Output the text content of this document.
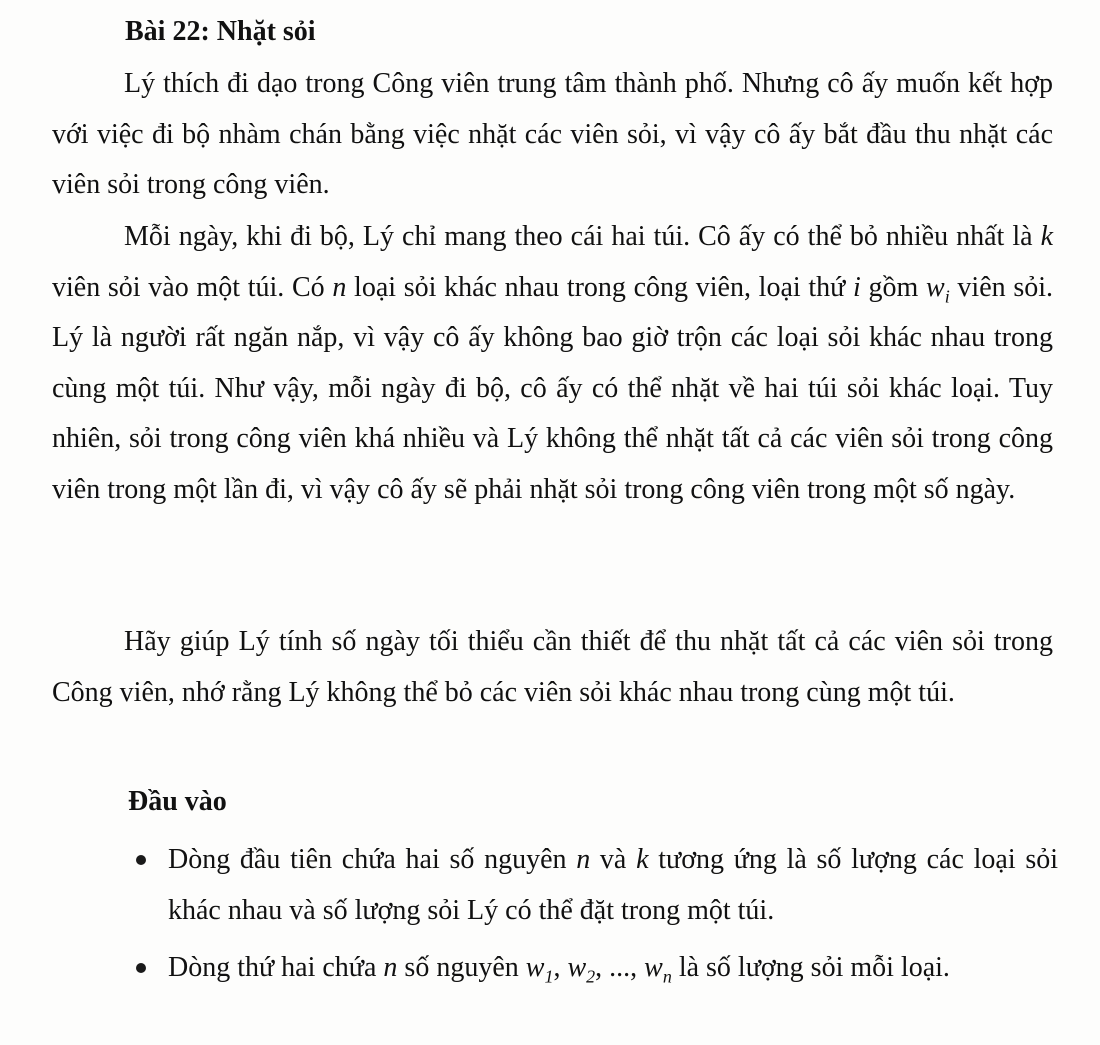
Bài 22: Nhặt sỏi

Lý thích đi dạo trong Công viên trung tâm thành phố. Nhưng cô ấy muốn kết hợp với việc đi bộ nhàm chán bằng việc nhặt các viên sỏi, vì vậy cô ấy bắt đầu thu nhặt các viên sỏi trong công viên.

Mỗi ngày, khi đi bộ, Lý chỉ mang theo cái hai túi. Cô ấy có thể bỏ nhiều nhất là k viên sỏi vào một túi. Có n loại sỏi khác nhau trong công viên, loại thứ i gồm $w_i$ viên sỏi. Lý là người rất ngăn nắp, vì vậy cô ấy không bao giờ trộn các loại sỏi khác nhau trong cùng một túi. Như vậy, mỗi ngày đi bộ, cô ấy có thể nhặt về hai túi sỏi khác loại. Tuy nhiên, sỏi trong công viên khá nhiều và Lý không thể nhặt tất cả các viên sỏi trong công viên trong một lần đi, vì vậy cô ấy sẽ phải nhặt sỏi trong công viên trong một số ngày.

Hãy giúp Lý tính số ngày tối thiểu cần thiết để thu nhặt tất cả các viên sỏi trong Công viên, nhớ rằng Lý không thể bỏ các viên sỏi khác nhau trong cùng một túi.

Đầu vào
Dòng đầu tiên chứa hai số nguyên n và k tương ứng là số lượng các loại sỏi khác nhau và số lượng sỏi Lý có thể đặt trong một túi.
Dòng thứ hai chứa n số nguyên $w_1$, $w_2$, ..., $w_n$ là số lượng sỏi mỗi loại.
